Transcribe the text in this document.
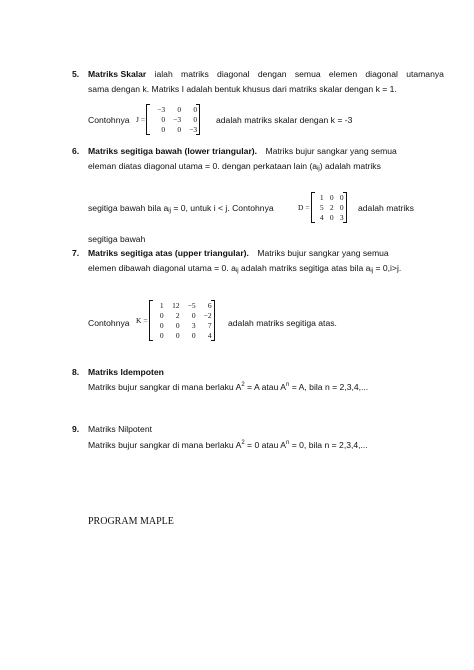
5. Matriks Skalar ialah matriks diagonal dengan semua elemen diagonal utamanya
sama dengan k. Matriks I adalah bentuk khusus dari matriks skalar dengan k = 1.
Contohnya J =
−3	0	0
0	−3	0
0	0	−3
adalah matriks skalar dengan k = -3
6. Matriks segitiga bawah (lower triangular). Matriks bujur sangkar yang semua
eleman diatas diagonal utama = 0. dengan perkataan lain (aij) adalah matriks
segitiga bawah bila aij = 0, untuk i < j. Contohnya	D =
1 0 0
5 2 0
4 0 3
adalah matriks
segitiga bawah
7. Matriks segitiga atas (upper triangular). Matriks bujur sangkar yang semua
elemen dibawah diagonal utama = 0. aij adalah matriks segitiga atas bila aij = 0,i>j.
Contohnya K =
1	12	−5	6
0	2	0	−2
0	0	3	7
0	0	0	4
adalah matriks segitiga atas.
8. Matriks Idempoten
Matriks bujur sangkar di mana berlaku $A^2 = A$ atau $A^n = A$, bila n = 2,3,4,...
9. Matriks Nilpotent
Matriks bujur sangkar di mana berlaku $A^2 = 0$ atau $A^n = 0$, bila n = 2,3,4,...
PROGRAM MAPLE
